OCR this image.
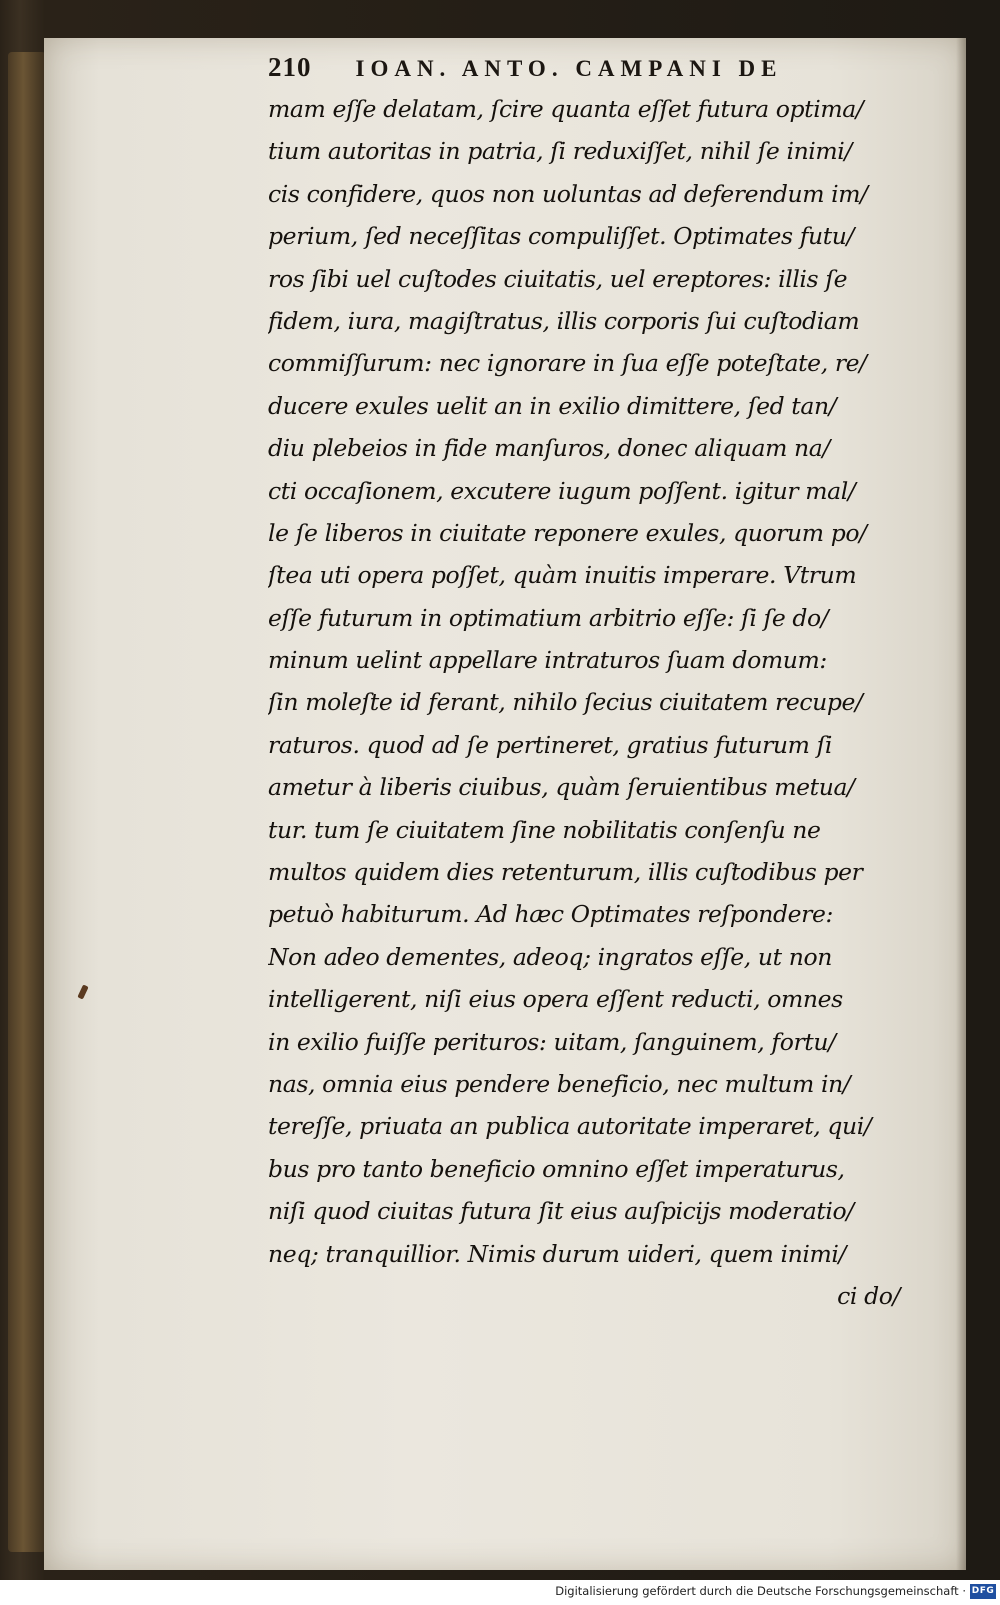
210 IOAN. ANTO. CAMPANI DE
mam eſſe delatam, ſcire quanta eſſet futura optima/
tium autoritas in patria, ſi reduxiſſet, nihil ſe inimi/
cis confidere, quos non uoluntas ad deferendum im/
perium, ſed neceſſitas compuliſſet. Optimates futu/
ros ſibi uel cuſtodes ciuitatis, uel ereptores: illis ſe
fidem, iura, magiſtratus, illis corporis ſui cuſtodiam
commiſſurum: nec ignorare in ſua eſſe poteſtate, re/
ducere exules uelit an in exilio dimittere, ſed tan/
diu plebeios in fide manſuros, donec aliquam na/
cti occaſionem, excutere iugum poſſent. igitur mal/
le ſe liberos in ciuitate reponere exules, quorum po/
ſtea uti opera poſſet, quàm inuitis imperare. Vtrum
eſſe futurum in optimatium arbitrio eſſe: ſi ſe do/
minum uelint appellare intraturos ſuam domum:
ſin moleſte id ferant, nihilo ſecius ciuitatem recupe/
raturos. quod ad ſe pertineret, gratius futurum ſi
ametur à liberis ciuibus, quàm ſeruientibus metua/
tur. tum ſe ciuitatem ſine nobilitatis conſenſu ne
multos quidem dies retenturum, illis cuſtodibus per
petuò habiturum. Ad hæc Optimates reſpondere:
Non adeo dementes, adeoq; ingratos eſſe, ut non
intelligerent, niſi eius opera eſſent reducti, omnes
in exilio fuiſſe perituros: uitam, ſanguinem, fortu/
nas, omnia eius pendere beneficio, nec multum in/
tereſſe, priuata an publica autoritate imperaret, qui/
bus pro tanto beneficio omnino eſſet imperaturus,
niſi quod ciuitas futura ſit eius auſpicijs moderatio/
neq; tranquillior. Nimis durum uideri, quem inimi/
ci do/
Digitalisierung gefördert durch die Deutsche Forschungsgemeinschaft · DFG
